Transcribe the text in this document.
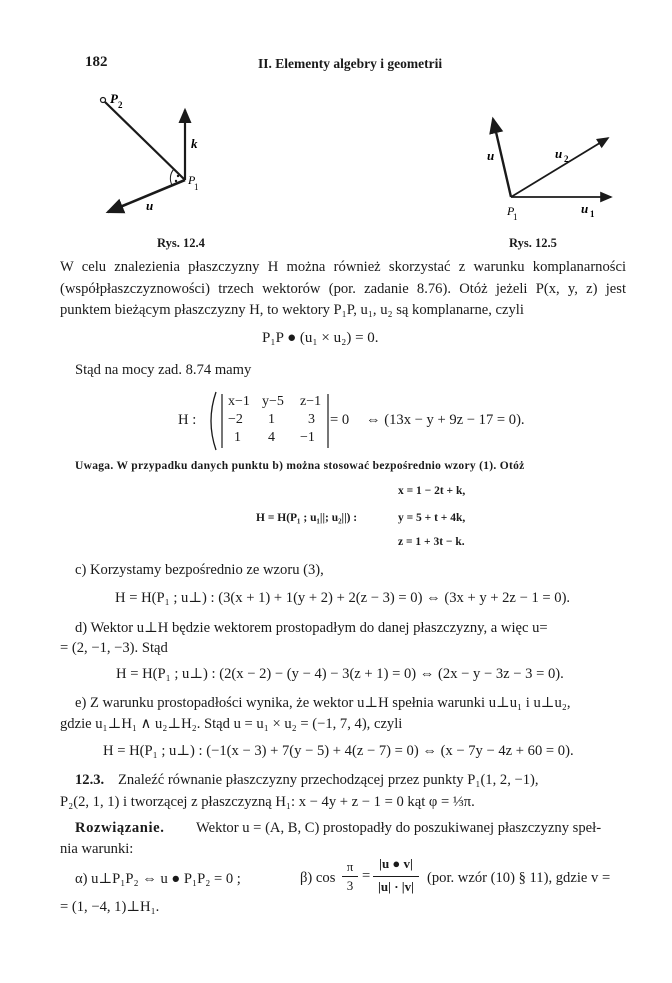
182	II. Elementy algebry i geometrii
P 2
k
P
1
u
Rys. 12.4
u	u 2
P
1
u 1
Rys. 12.5
W celu znalezienia płaszczyzny H można również skorzystać z warunku komplanarności (współpłaszczyznowości) trzech wektorów (por. zadanie 8.76). Otóż jeżeli P(x, y, z) jest punktem bieżącym płaszczyzny H, to wektory P₁P, u₁, u₂ są komplanarne, czyli
P₁P ● (u₁ × u₂) = 0.
Stąd na mocy zad. 8.74 mamy
H :
x−1 y−5 z−1
−2 1 3
1 4 −1
= 0 ⇔ (13x − y + 9z − 17 = 0).
Uwaga. W przypadku danych punktu b) można stosować bezpośrednio wzory (1). Otóż
H = H(P₁ ; u₁||; u₂||) :
x = 1 − 2t + k,
y = 5 + t + 4k,
z = 1 + 3t − k.
c) Korzystamy bezpośrednio ze wzoru (3),
H = H(P₁ ; u⊥) : (3(x + 1) + 1(y + 2) + 2(z − 3) = 0) ⇔ (3x + y + 2z − 1 = 0).
d) Wektor u⊥H będzie wektorem prostopadłym do danej płaszczyzny, a więc u=
= (2, −1, −3). Stąd
H = H(P₁ ; u⊥) : (2(x − 2) − (y − 4) − 3(z + 1) = 0) ⇔ (2x − y − 3z − 3 = 0).
e) Z warunku prostopadłości wynika, że wektor u⊥H spełnia warunki u⊥u₁ i u⊥u₂,
gdzie u₁⊥H₁ ∧ u₂⊥H₂. Stąd u = u₁ × u₂ = (−1, 7, 4), czyli
H = H(P₁ ; u⊥) : (−1(x − 3) + 7(y − 5) + 4(z − 7) = 0) ⇔ (x − 7y − 4z + 60 = 0).
12.3. Znaleźć równanie płaszczyzny przechodzącej przez punkty P₁(1, 2, −1),
P₂(2, 1, 1) i tworzącej z płaszczyzną H₁: x − 4y + z − 1 = 0 kąt φ = ⅓π.
Rozwiązanie. Wektor u = (A, B, C) prostopadły do poszukiwanej płaszczyzny speł-
nia warunki:
α) u⊥P₁P₂ ⇔ u ● P₁P₂ = 0 ;	β) cos
π
3
=
|u ● v|
|u| · |v|
(por. wzór (10) § 11), gdzie v =
= (1, −4, 1)⊥H₁.
